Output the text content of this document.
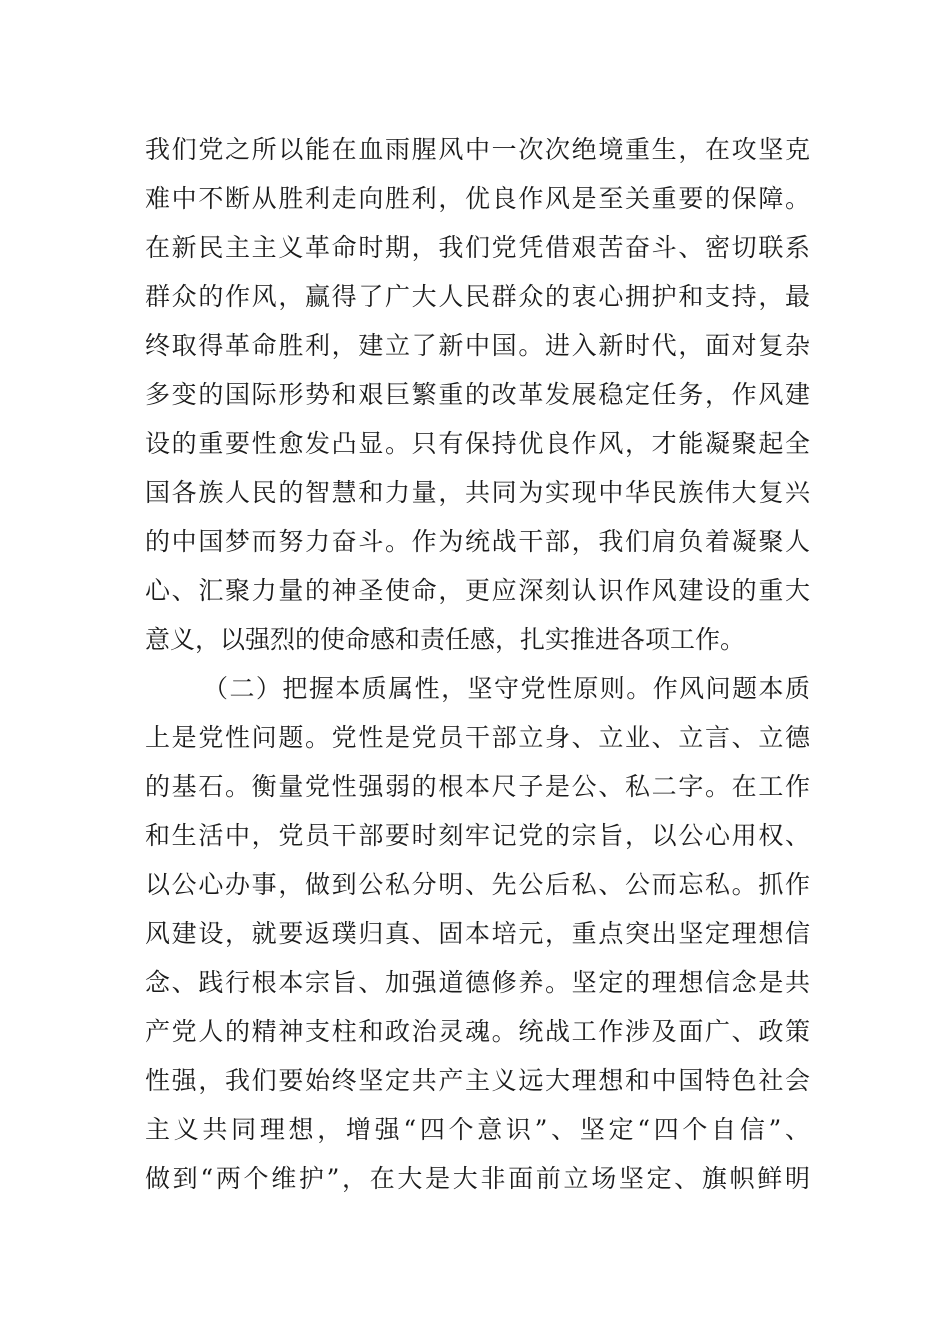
我们党之所以能在血雨腥风中一次次绝境重生，在攻坚克
难中不断从胜利走向胜利，优良作风是至关重要的保障。
在新民主主义革命时期，我们党凭借艰苦奋斗、密切联系
群众的作风，赢得了广大人民群众的衷心拥护和支持，最
终取得革命胜利，建立了新中国。进入新时代，面对复杂
多变的国际形势和艰巨繁重的改革发展稳定任务，作风建
设的重要性愈发凸显。只有保持优良作风，才能凝聚起全
国各族人民的智慧和力量，共同为实现中华民族伟大复兴
的中国梦而努力奋斗。作为统战干部，我们肩负着凝聚人
心、汇聚力量的神圣使命，更应深刻认识作风建设的重大
意义，以强烈的使命感和责任感，扎实推进各项工作。
（二）把握本质属性，坚守党性原则。作风问题本质
上是党性问题。党性是党员干部立身、立业、立言、立德
的基石。衡量党性强弱的根本尺子是公、私二字。在工作
和生活中，党员干部要时刻牢记党的宗旨，以公心用权、
以公心办事，做到公私分明、先公后私、公而忘私。抓作
风建设，就要返璞归真、固本培元，重点突出坚定理想信
念、践行根本宗旨、加强道德修养。坚定的理想信念是共
产党人的精神支柱和政治灵魂。统战工作涉及面广、政策
性强，我们要始终坚定共产主义远大理想和中国特色社会
主义共同理想，增强“四个意识”、坚定“四个自信”、
做到“两个维护”，在大是大非面前立场坚定、旗帜鲜明
